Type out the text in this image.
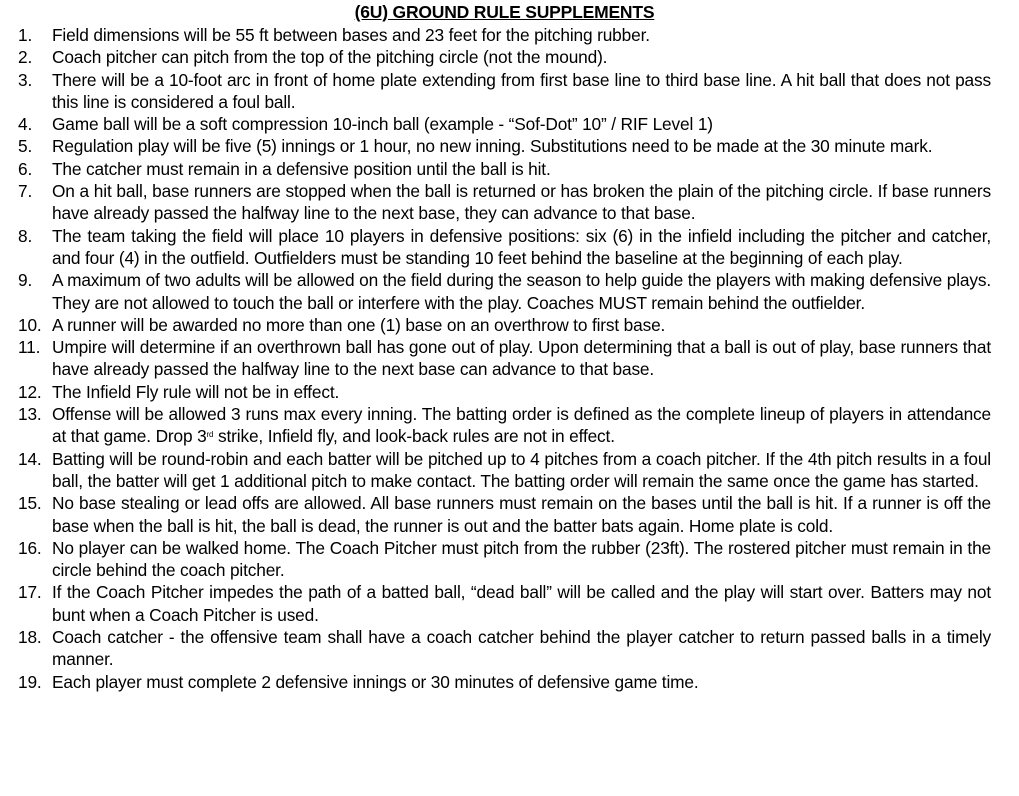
(6U) GROUND RULE SUPPLEMENTS
1.	Field dimensions will be 55 ft between bases and 23 feet for the pitching rubber.
2.	Coach pitcher can pitch from the top of the pitching circle (not the mound).
3.	There will be a 10-foot arc in front of home plate extending from first base line to third base line. A hit ball that does not pass this line is considered a foul ball.
4.	Game ball will be a soft compression 10-inch ball (example - “Sof-Dot” 10” / RIF Level 1)
5.	Regulation play will be five (5) innings or 1 hour, no new inning. Substitutions need to be made at the 30 minute mark.
6.	The catcher must remain in a defensive position until the ball is hit.
7.	On a hit ball, base runners are stopped when the ball is returned or has broken the plain of the pitching circle. If base runners have already passed the halfway line to the next base, they can advance to that base.
8.	The team taking the field will place 10 players in defensive positions: six (6) in the infield including the pitcher and catcher, and four (4) in the outfield. Outfielders must be standing 10 feet behind the baseline at the beginning of each play.
9.	A maximum of two adults will be allowed on the field during the season to help guide the players with making defensive plays. They are not allowed to touch the ball or interfere with the play. Coaches MUST remain behind the outfielder.
10. A runner will be awarded no more than one (1) base on an overthrow to first base.
11. Umpire will determine if an overthrown ball has gone out of play. Upon determining that a ball is out of play, base runners that have already passed the halfway line to the next base can advance to that base.
12. The Infield Fly rule will not be in effect.
13. Offense will be allowed 3 runs max every inning. The batting order is defined as the complete lineup of players in attendance at that game. Drop 3rd strike, Infield fly, and look-back rules are not in effect.
14. Batting will be round-robin and each batter will be pitched up to 4 pitches from a coach pitcher. If the 4th pitch results in a foul ball, the batter will get 1 additional pitch to make contact. The batting order will remain the same once the game has started.
15. No base stealing or lead offs are allowed. All base runners must remain on the bases until the ball is hit. If a runner is off the base when the ball is hit, the ball is dead, the runner is out and the batter bats again. Home plate is cold.
16. No player can be walked home. The Coach Pitcher must pitch from the rubber (23ft). The rostered pitcher must remain in the circle behind the coach pitcher.
17. If the Coach Pitcher impedes the path of a batted ball, “dead ball” will be called and the play will start over. Batters may not bunt when a Coach Pitcher is used.
18. Coach catcher - the offensive team shall have a coach catcher behind the player catcher to return passed balls in a timely manner.
19. Each player must complete 2 defensive innings or 30 minutes of defensive game time.
